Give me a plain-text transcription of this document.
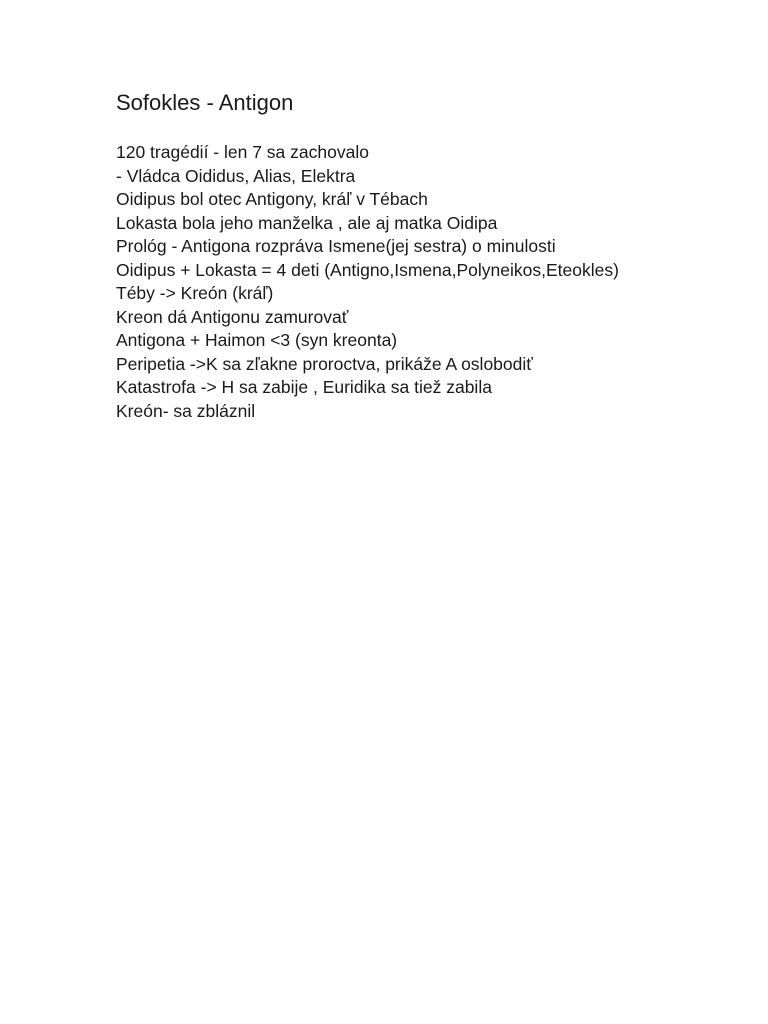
Sofokles - Antigon
120 tragédií - len 7 sa zachovalo
- Vládca Oididus, Alias, Elektra
Oidipus bol otec Antigony, kráľ v Tébach
Lokasta bola jeho manželka , ale aj matka Oidipa
Prológ - Antigona rozpráva Ismene(jej sestra) o minulosti
Oidipus + Lokasta = 4 deti (Antigno,Ismena,Polyneikos,Eteokles)
Téby -> Kreón (kráľ)
Kreon dá Antigonu zamurovať
Antigona + Haimon <3 (syn kreonta)
Peripetia ->K sa zľakne proroctva, prikáže A oslobodiť
Katastrofa -> H sa zabije , Euridika sa tiež zabila
Kreón- sa zbláznil
